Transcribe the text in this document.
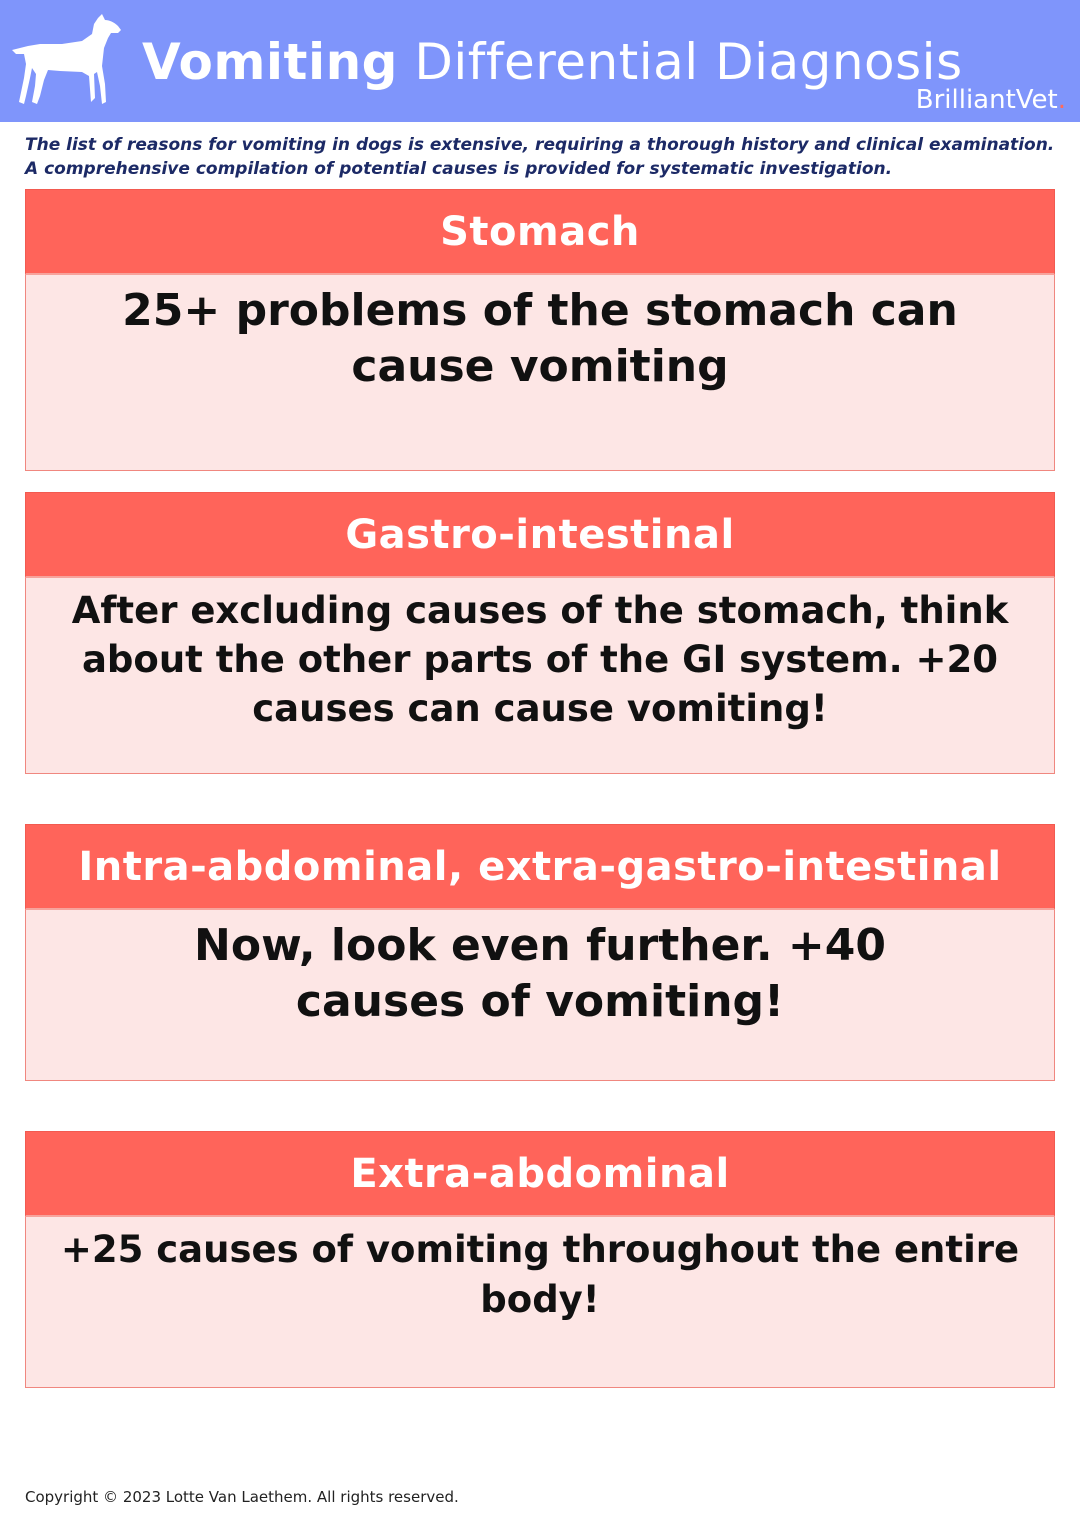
Vomiting Differential Diagnosis
BrilliantVet.

The list of reasons for vomiting in dogs is extensive, requiring a thorough history and clinical examination. A comprehensive compilation of potential causes is provided for systematic investigation.

Stomach
25+ problems of the stomach can cause vomiting
Gastro-intestinal
After excluding causes of the stomach, think about the other parts of the GI system. +20 causes can cause vomiting!
Intra-abdominal, extra-gastro-intestinal
Now, look even further. +40 causes of vomiting!
Extra-abdominal
+25 causes of vomiting throughout the entire body!
Copyright © 2023 Lotte Van Laethem. All rights reserved.
